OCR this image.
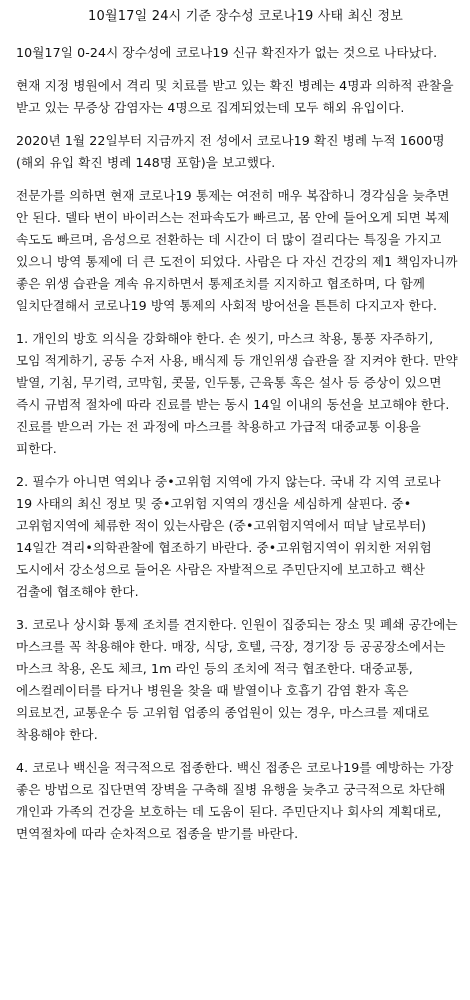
10월17일 24시 기준 장수성 코로나19 사태 최신 정보

10월17일 0-24시 장수성에 코로나19 신규 확진자가 없는 것으로 나타났다.

현재 지정 병원에서 격리 및 치료를 받고 있는 확진 병례는 4명과 의하적 관찰을 받고 있는 무증상 감염자는 4명으로 집계되었는데 모두 해외 유입이다.

2020년 1월 22일부터 지금까지 전 성에서 코로나19 확진 병례 누적 1600명(해외 유입 확진 병례 148명 포함)을 보고했다.

전문가를 의하면 현재 코로나19 통제는 여전히 매우 복잡하니 경각심을 늦추면 안 된다. 델타 변이 바이러스는 전파속도가 빠르고, 몸 안에 들어오게 되면 복제 속도도 빠르며, 음성으로 전환하는 데 시간이 더 많이 걸리다는 특징을 가지고 있으니 방역 통제에 더 큰 도전이 되었다. 사람은 다 자신 건강의 제1 책임자니까 좋은 위생 습관을 계속 유지하면서 통제조치를 지지하고 협조하며, 다 함께 일치단결해서 코로나19 방역 통제의 사회적 방어선을 튼튼히 다지고자 한다.

1. 개인의 방호 의식을 강화해야 한다. 손 씻기, 마스크 착용, 통풍 자주하기, 모임 적게하기, 공동 수저 사용, 배식제 등 개인위생 습관을 잘 지켜야 한다. 만약 발열, 기침, 무기력, 코막힘, 콧물, 인두통, 근육통 혹은 설사 등 증상이 있으면 즉시 규범적 절차에 따라 진료를 받는 동시 14일 이내의 동선을 보고해야 한다. 진료를 받으러 가는 전 과정에 마스크를 착용하고 가급적 대중교통 이용을 피한다.

2. 필수가 아니면 역외나 중•고위험 지역에 가지 않는다. 국내 각 지역 코로나 19 사태의 최신 정보 및 중•고위험 지역의 갱신을 세심하게 살핀다. 중•고위험지역에 체류한 적이 있는사람은 (중•고위험지역에서 떠날 날로부터) 14일간 격리•의학관찰에 협조하기 바란다. 중•고위험지역이 위치한 저위험 도시에서 강소성으로 들어온 사람은 자발적으로 주민단지에 보고하고 핵산 검출에 협조해야 한다.

3. 코로나 상시화 통제 조치를 견지한다. 인원이 집중되는 장소 및 폐쇄 공간에는 마스크를 꼭 착용해야 한다. 매장, 식당, 호텔, 극장, 경기장 등 공공장소에서는 마스크 착용, 온도 체크, 1m 라인 등의 조치에 적극 협조한다. 대중교통, 에스컬레이터를 타거나 병원을 찾을 때 발열이나 호흡기 감염 환자 혹은 의료보건, 교통운수 등 고위험 업종의 종업원이 있는 경우, 마스크를 제대로 착용해야 한다.

4. 코로나 백신을 적극적으로 접종한다. 백신 접종은 코로나19를 예방하는 가장 좋은 방법으로 집단면역 장벽을 구축해 질병 유행을 늦추고 궁극적으로 차단해 개인과 가족의 건강을 보호하는 데 도움이 된다. 주민단지나 회사의 계획대로, 면역절차에 따라 순차적으로 접종을 받기를 바란다.
